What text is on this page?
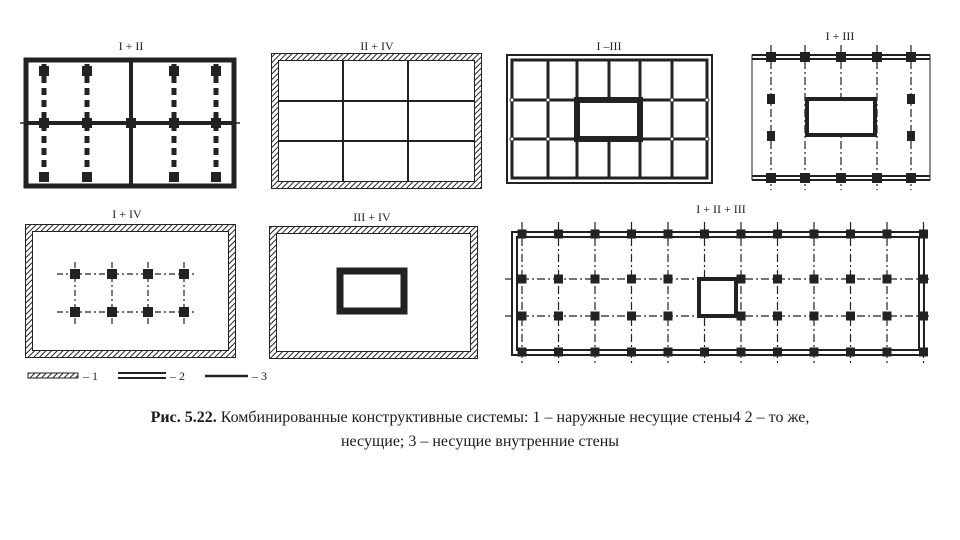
I + II	II + IV	I –III
I + III
I + IV	III + IV
I + II + III
– 1	– 2	– 3
Рис. 5.22. Комбинированные конструктивные системы: 1 – наружные несущие стены4 2 – то же,
несущие; 3 – несущие внутренние стены
